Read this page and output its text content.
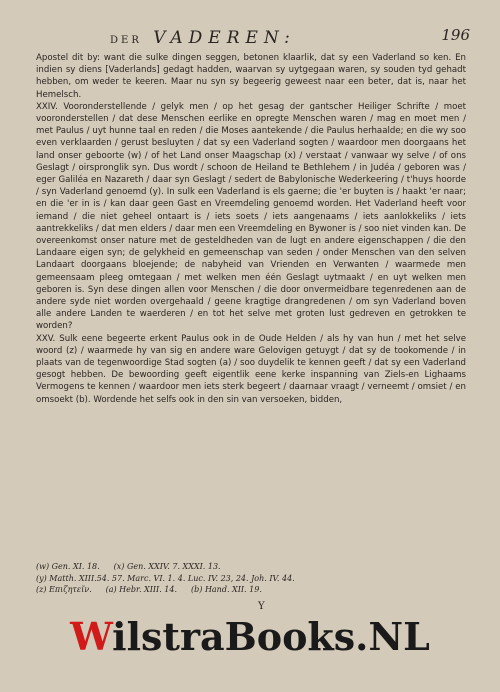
DER VADEREN:	196

Apostel dit by: want die sulke dingen seggen, betonen klaarlik, dat sy een Vaderland so ken. En indien sy diens [Vaderlands] gedagt hadden, waarvan sy uytgegaan waren, sy souden tyd gehadt hebben, om weder te keeren. Maar nu syn sy begeerig geweest naar een beter, dat is, naar het Hemelsch.

XXIV. Vooronderstellende / gelyk men / op het gesag der gantscher Heiliger Schrifte / moet vooronderstellen / dat dese Menschen eerlike en opregte Menschen waren / mag en moet men / met Paulus / uyt hunne taal en reden / die Moses aantekende / die Paulus herhaalde; en die wy soo even verklaarden / gerust besluyten / dat sy een Vaderland sogten / waardoor men doorgaans het land onser geboorte (w) / of het Land onser Maagschap (x) / verstaat / vanwaar wy selve / of ons Geslagt / oirspronglik syn. Dus wordt / schoon de Heiland te Bethlehem / in Judéa / geboren was / eger Galiléa en Nazareth / daar syn Geslagt / sedert de Babylonische Wederkeering / t'huys hoorde / syn Vaderland genoemd (y). In sulk een Vaderland is els gaerne; die 'er buyten is / haakt 'er naar; en die 'er in is / kan daar geen Gast en Vreemdeling genoemd worden. Het Vaderland heeft voor iemand / die niet geheel ontaart is / iets soets / iets aangenaams / iets aanlokkeliks / iets aantrekkeliks / dat men elders / daar men een Vreemdeling en Bywoner is / soo niet vinden kan. De overeenkomst onser nature met de gesteldheden van de lugt en andere eigenschappen / die den Landaare eigen syn; de gelykheid en gemeenschap van seden / onder Menschen van den selven Landaart doorgaans bloejende; de nabyheid van Vrienden en Verwanten / waarmede men gemeensaam pleeg omtegaan / met welken men één Geslagt uytmaakt / en uyt welken men geboren is. Syn dese dingen allen voor Menschen / die door onvermeidbare tegenredenen aan de andere syde niet worden overgehaald / geene kragtige drangredenen / om syn Vaderland boven alle andere Landen te waerderen / en tot het selve met groten lust gedreven en getrokken te worden?

XXV. Sulk eene begeerte erkent Paulus ook in de Oude Helden / als hy van hun / met het selve woord (z) / waarmede hy van sig en andere ware Gelovigen getuygt / dat sy de tookomende / in plaats van de tegenwoordige Stad sogten (a) / soo duydelik te kennen geeft / dat sy een Vaderland gesogt hebben. De bewoording geeft eigentlik eene kerke inspanning van Ziels-en Lighaams Vermogens te kennen / waardoor men iets sterk begeert / daarnaar vraagt / verneemt / omsiet / en omsoekt (b). Wordende het selfs ook in den sin van versoeken, bidden,

(w) Gen. XI. 18. (x) Gen. XXIV. 7. XXXI. 13.
(y) Matth. XIII.54. 57. Marc. VI. 1. 4. Luc. IV. 23, 24. Joh. IV. 44.
(z) Επιζητεῖν. (a) Hebr. XIII. 14. (b) Hand. XII. 19.
Y
WilstraBooks.NL
